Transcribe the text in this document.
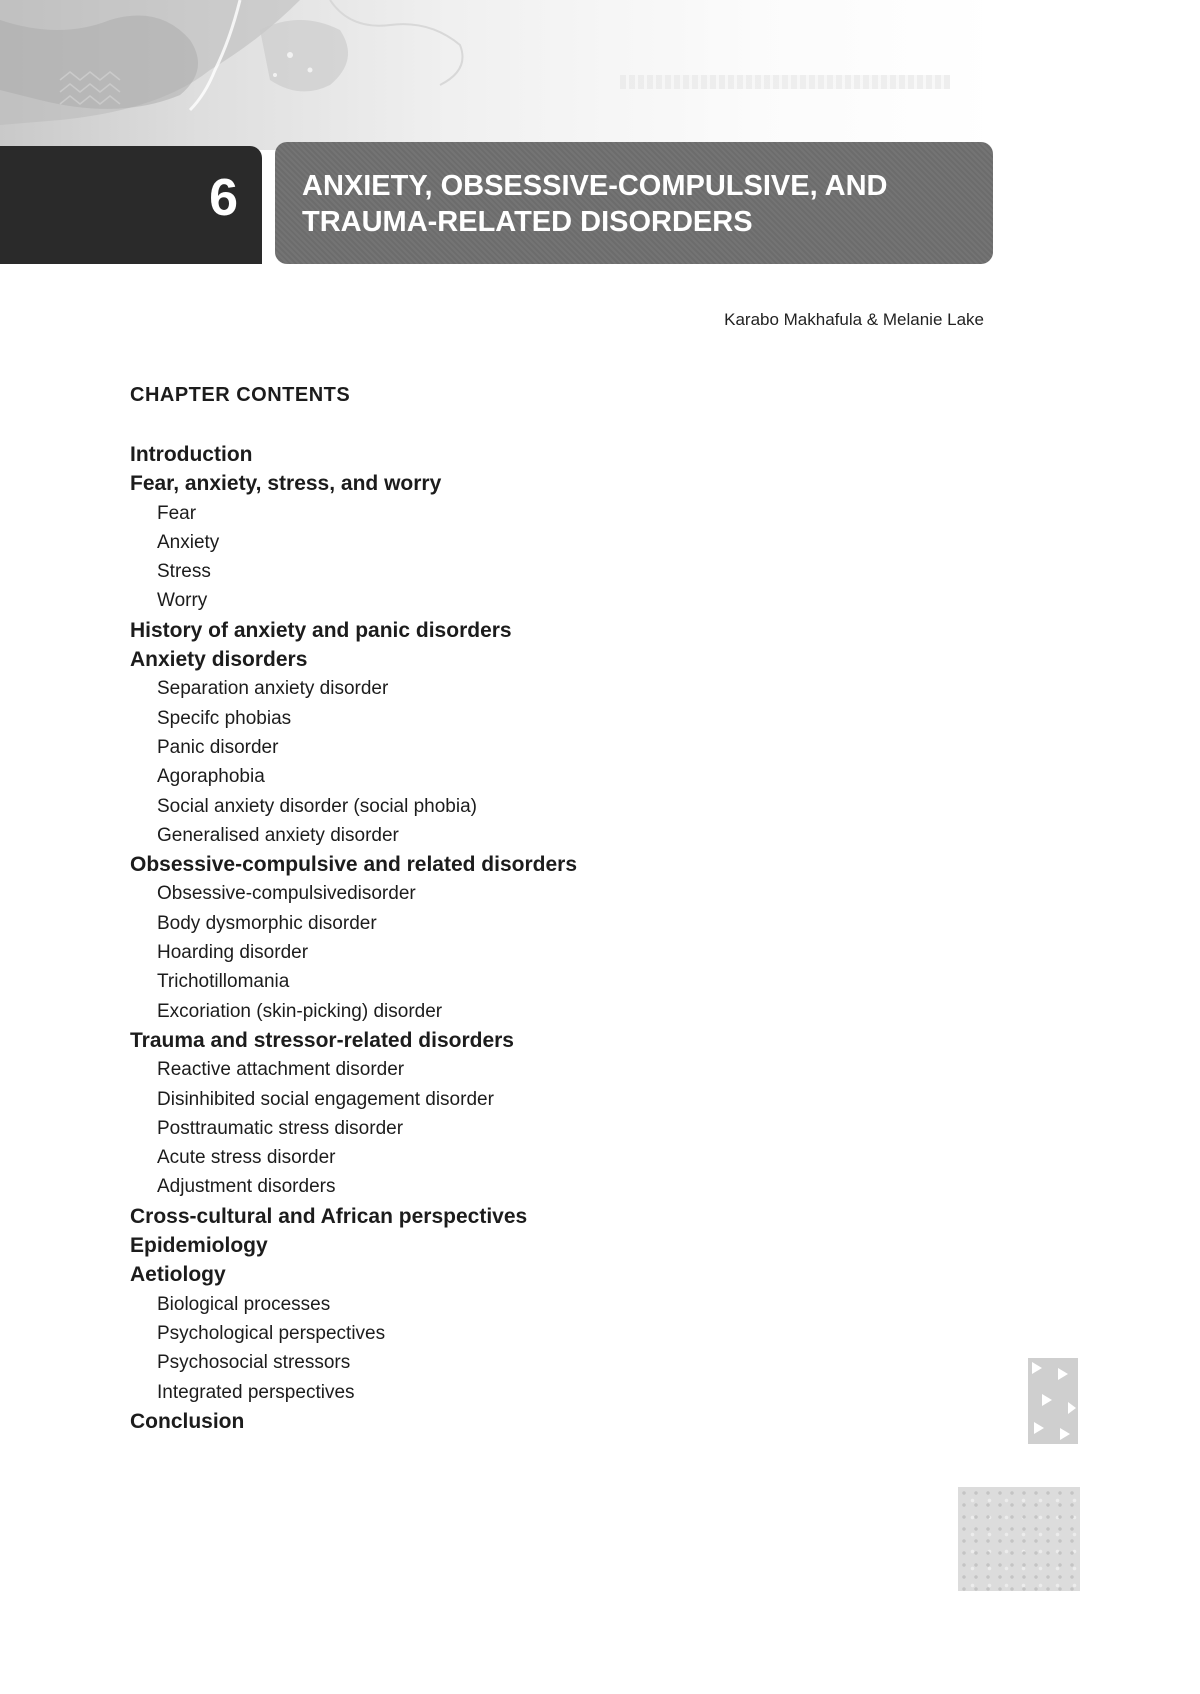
6 ANXIETY, OBSESSIVE-COMPULSIVE, AND
TRAUMA-RELATED DISORDERS
Karabo Makhafula & Melanie Lake
CHAPTER CONTENTS
Introduction
Fear, anxiety, stress, and worry
Fear
Anxiety
Stress
Worry
History of anxiety and panic disorders
Anxiety disorders
Separation anxiety disorder
Specifc phobias
Panic disorder
Agoraphobia
Social anxiety disorder (social phobia)
Generalised anxiety disorder
Obsessive-compulsive and related disorders
Obsessive-compulsivedisorder
Body dysmorphic disorder
Hoarding disorder
Trichotillomania
Excoriation (skin-picking) disorder
Trauma and stressor-related disorders
Reactive attachment disorder
Disinhibited social engagement disorder
Posttraumatic stress disorder
Acute stress disorder
Adjustment disorders
Cross-cultural and African perspectives
Epidemiology
Aetiology
Biological processes
Psychological perspectives
Psychosocial stressors
Integrated perspectives
Conclusion
